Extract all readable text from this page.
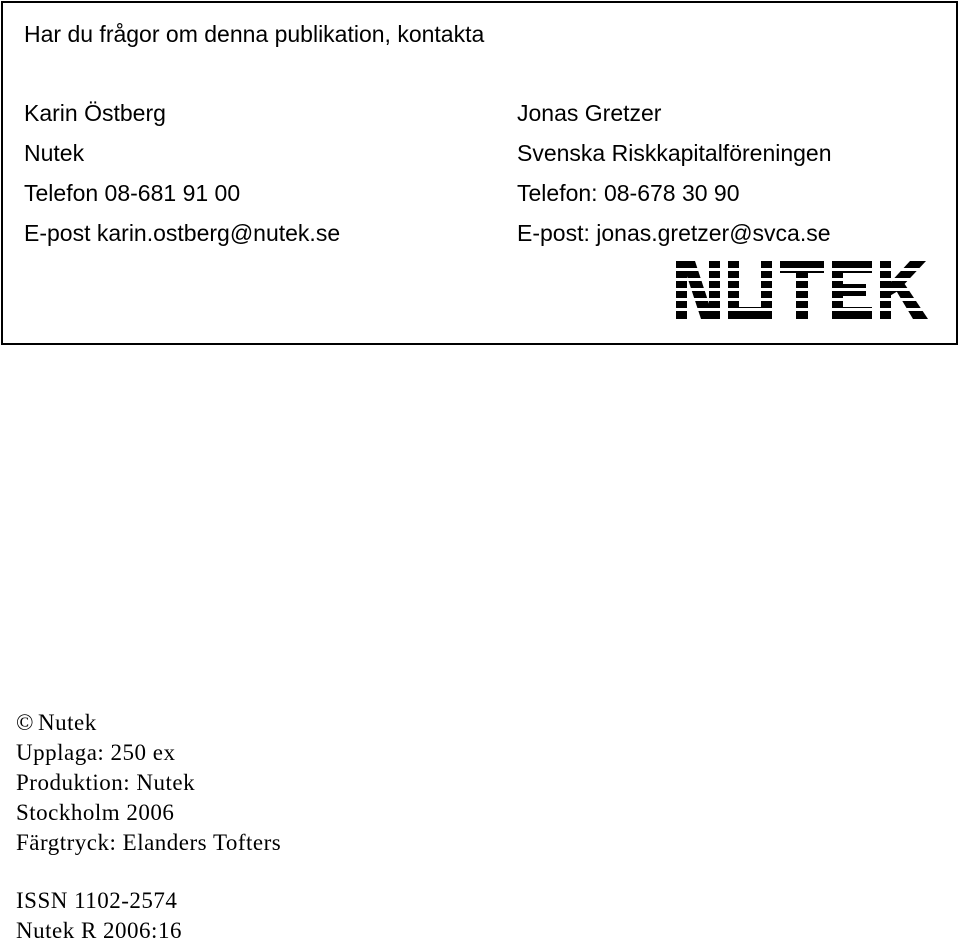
Har du frågor om denna publikation, kontakta
Karin Östberg
Nutek
Telefon 08-681 91 00
E-post karin.ostberg@nutek.se
Jonas Gretzer
Svenska Riskkapitalföreningen
Telefon: 08-678 30 90
E-post: jonas.gretzer@svca.se
© Nutek
Upplaga: 250 ex
Produktion: Nutek
Stockholm 2006
Färgtryck: Elanders Tofters
ISSN 1102-2574
Nutek R 2006:16
